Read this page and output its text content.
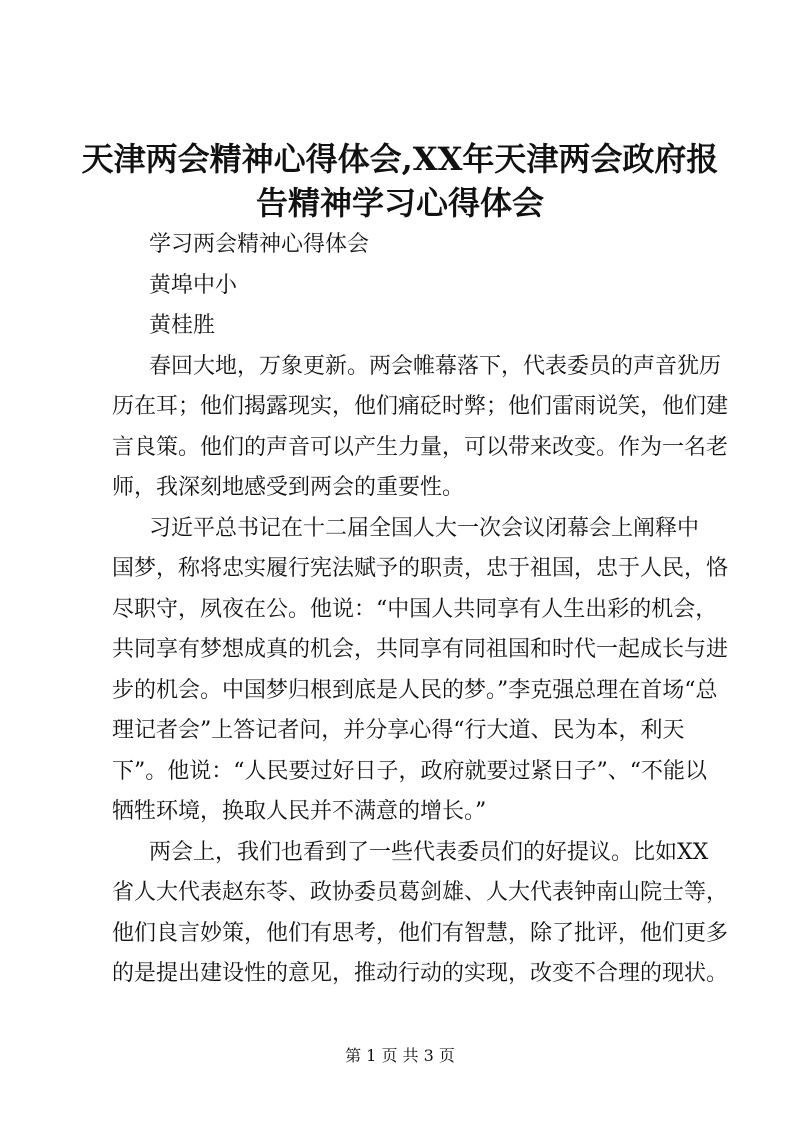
天津两会精神心得体会,XX年天津两会政府报
告精神学习心得体会
学习两会精神心得体会
黄埠中小
黄桂胜
春回大地，万象更新。两会帷幕落下，代表委员的声音犹历
历在耳；他们揭露现实，他们痛砭时弊；他们雷雨说笑，他们建
言良策。他们的声音可以产生力量，可以带来改变。作为一名老
师，我深刻地感受到两会的重要性。
习近平总书记在十二届全国人大一次会议闭幕会上阐释中
国梦，称将忠实履行宪法赋予的职责，忠于祖国，忠于人民，恪
尽职守，夙夜在公。他说：“中国人共同享有人生出彩的机会，
共同享有梦想成真的机会，共同享有同祖国和时代一起成长与进
步的机会。中国梦归根到底是人民的梦。”李克强总理在首场“总
理记者会”上答记者问，并分享心得“行大道、民为本，利天
下”。他说：“人民要过好日子，政府就要过紧日子”、“不能以
牺牲环境，换取人民并不满意的增长。”
两会上，我们也看到了一些代表委员们的好提议。比如XX
省人大代表赵东苓、政协委员葛剑雄、人大代表钟南山院士等，
他们良言妙策，他们有思考，他们有智慧，除了批评，他们更多
的是提出建设性的意见，推动行动的实现，改变不合理的现状。
第 1 页 共 3 页
